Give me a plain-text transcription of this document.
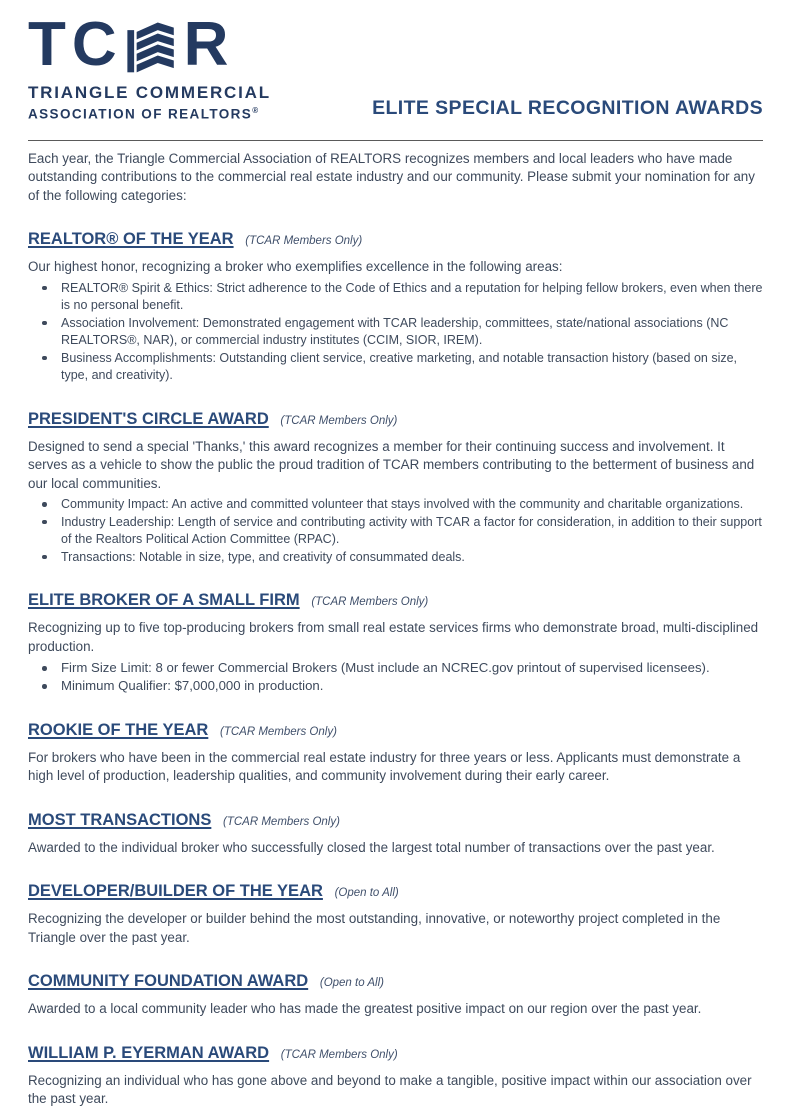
TC R
TRIANGLE COMMERCIAL
ASSOCIATION OF REALTORS®	ELITE SPECIAL RECOGNITION AWARDS

Each year, the Triangle Commercial Association of REALTORS recognizes members and local leaders who have made outstanding contributions to the commercial real estate industry and our community. Please submit your nomination for any of the following categories:

REALTOR® OF THE YEAR (TCAR Members Only)

Our highest honor, recognizing a broker who exemplifies excellence in the following areas:

REALTOR® Spirit & Ethics: Strict adherence to the Code of Ethics and a reputation for helping fellow brokers, even when there is no personal benefit.
Association Involvement: Demonstrated engagement with TCAR leadership, committees, state/national associations (NC REALTORS®, NAR), or commercial industry institutes (CCIM, SIOR, IREM).
Business Accomplishments: Outstanding client service, creative marketing, and notable transaction history (based on size, type, and creativity).
PRESIDENT'S CIRCLE AWARD (TCAR Members Only)

Designed to send a special 'Thanks,' this award recognizes a member for their continuing success and involvement. It serves as a vehicle to show the public the proud tradition of TCAR members contributing to the betterment of business and our local communities.

Community Impact: An active and committed volunteer that stays involved with the community and charitable organizations.
Industry Leadership: Length of service and contributing activity with TCAR a factor for consideration, in addition to their support of the Realtors Political Action Committee (RPAC).
Transactions: Notable in size, type, and creativity of consummated deals.
ELITE BROKER OF A SMALL FIRM (TCAR Members Only)

Recognizing up to five top-producing brokers from small real estate services firms who demonstrate broad, multi-disciplined production.

Firm Size Limit: 8 or fewer Commercial Brokers (Must include an NCREC.gov printout of supervised licensees).
Minimum Qualifier: $7,000,000 in production.
ROOKIE OF THE YEAR (TCAR Members Only)

For brokers who have been in the commercial real estate industry for three years or less. Applicants must demonstrate a high level of production, leadership qualities, and community involvement during their early career.

MOST TRANSACTIONS (TCAR Members Only)

Awarded to the individual broker who successfully closed the largest total number of transactions over the past year.

DEVELOPER/BUILDER OF THE YEAR (Open to All)

Recognizing the developer or builder behind the most outstanding, innovative, or noteworthy project completed in the Triangle over the past year.

COMMUNITY FOUNDATION AWARD (Open to All)

Awarded to a local community leader who has made the greatest positive impact on our region over the past year.

WILLIAM P. EYERMAN AWARD (TCAR Members Only)

Recognizing an individual who has gone above and beyond to make a tangible, positive impact within our association over the past year.
